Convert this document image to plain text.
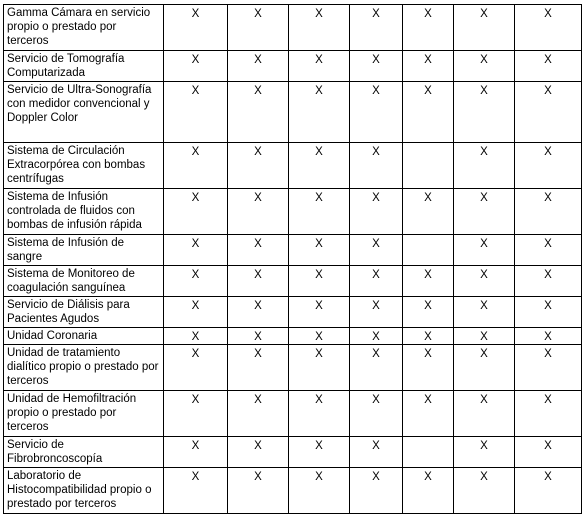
Gamma Cámara en servicio propio o prestado por terceros	X	X	X	X	X	X	X
Servicio de Tomografía Computarizada	X	X	X	X	X	X	X
Servicio de Ultra-Sonografía con medidor convencional y Doppler Color	X	X	X	X	X	X	X
Sistema de Circulación Extracorpórea con bombas centrífugas	X	X	X	X		X	X
Sistema de Infusión controlada de fluidos con bombas de infusión rápida	X	X	X	X	X	X	X
Sistema de Infusión de sangre	X	X	X	X		X	X
Sistema de Monitoreo de coagulación sanguínea	X	X	X	X	X	X	X
Servicio de Diálisis para Pacientes Agudos	X	X	X	X	X	X	X
Unidad Coronaria	X	X	X	X	X	X	X
Unidad de tratamiento dialítico propio o prestado por terceros	X	X	X	X	X	X	X
Unidad de Hemofiltración propio o prestado por terceros	X	X	X	X	X	X	X
Servicio de Fibrobroncoscopía	X	X	X	X		X	X
Laboratorio de Histocompatibilidad propio o prestado por terceros	X	X	X	X	X	X	X
